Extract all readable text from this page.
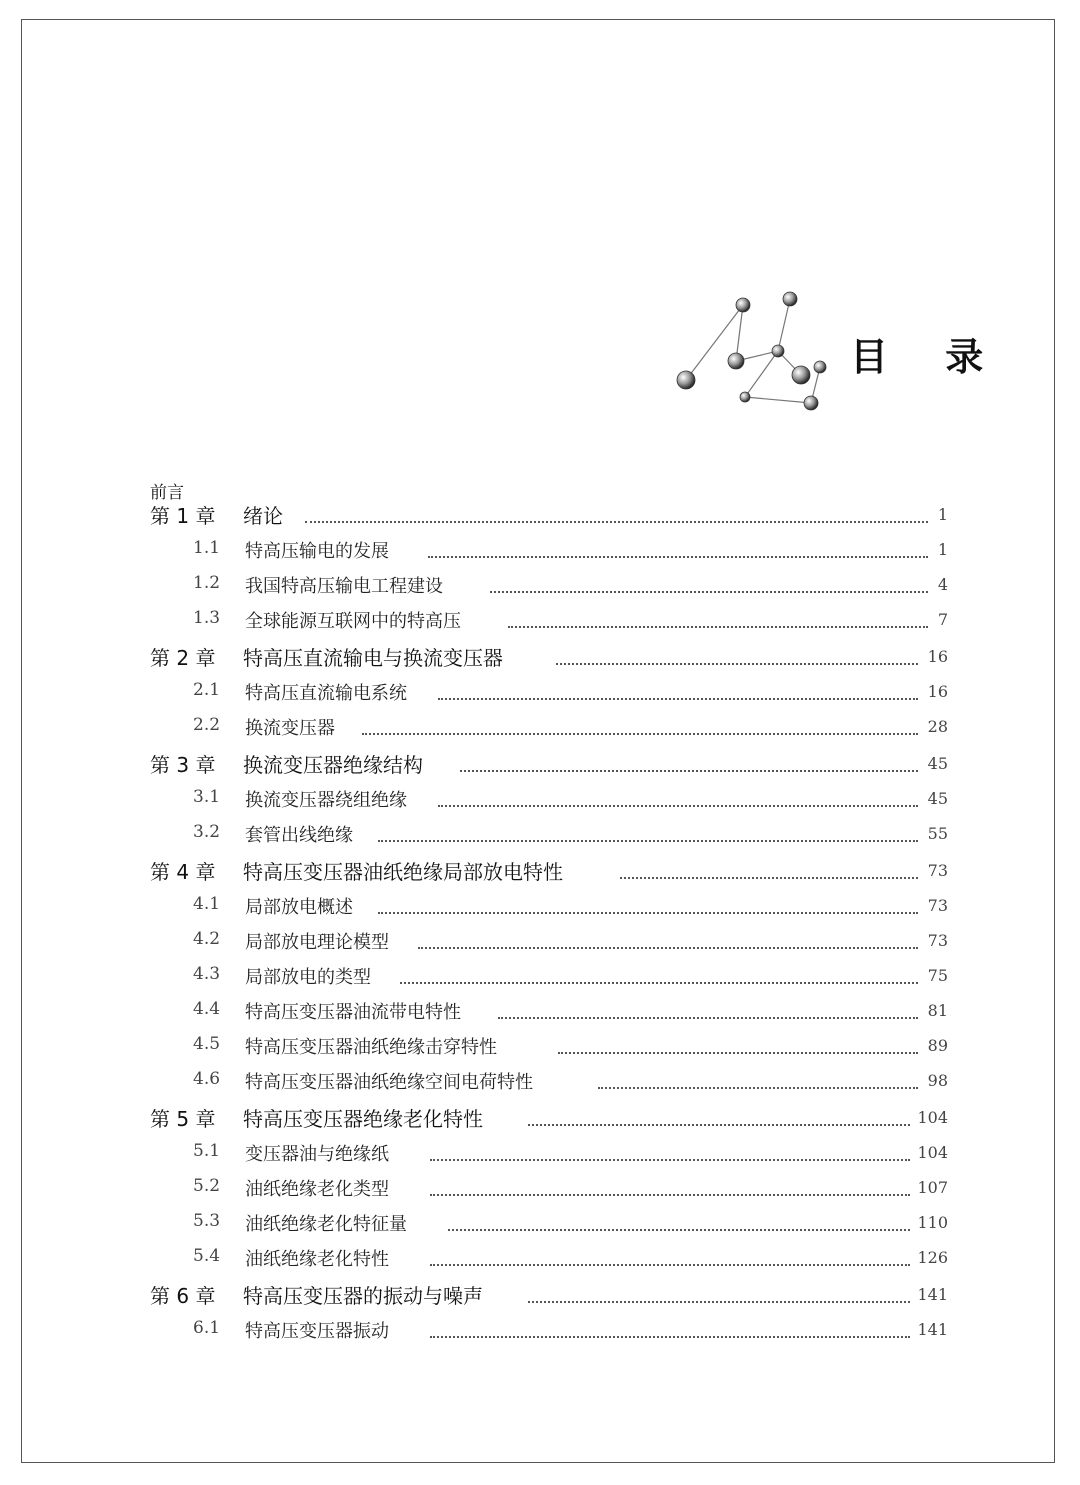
目 录
前言
第 1 章 绪论	1
1.1 特高压输电的发展	1
1.2 我国特高压输电工程建设	4
1.3 全球能源互联网中的特高压	7
第 2 章 特高压直流输电与换流变压器	16
2.1 特高压直流输电系统	16
2.2 换流变压器	28
第 3 章 换流变压器绝缘结构	45
3.1 换流变压器绕组绝缘	45
3.2 套管出线绝缘	55
第 4 章 特高压变压器油纸绝缘局部放电特性	73
4.1 局部放电概述	73
4.2 局部放电理论模型	73
4.3 局部放电的类型	75
4.4 特高压变压器油流带电特性	81
4.5 特高压变压器油纸绝缘击穿特性	89
4.6 特高压变压器油纸绝缘空间电荷特性	98
第 5 章 特高压变压器绝缘老化特性	104
5.1 变压器油与绝缘纸	104
5.2 油纸绝缘老化类型	107
5.3 油纸绝缘老化特征量	110
5.4 油纸绝缘老化特性	126
第 6 章 特高压变压器的振动与噪声	141
6.1 特高压变压器振动	141
